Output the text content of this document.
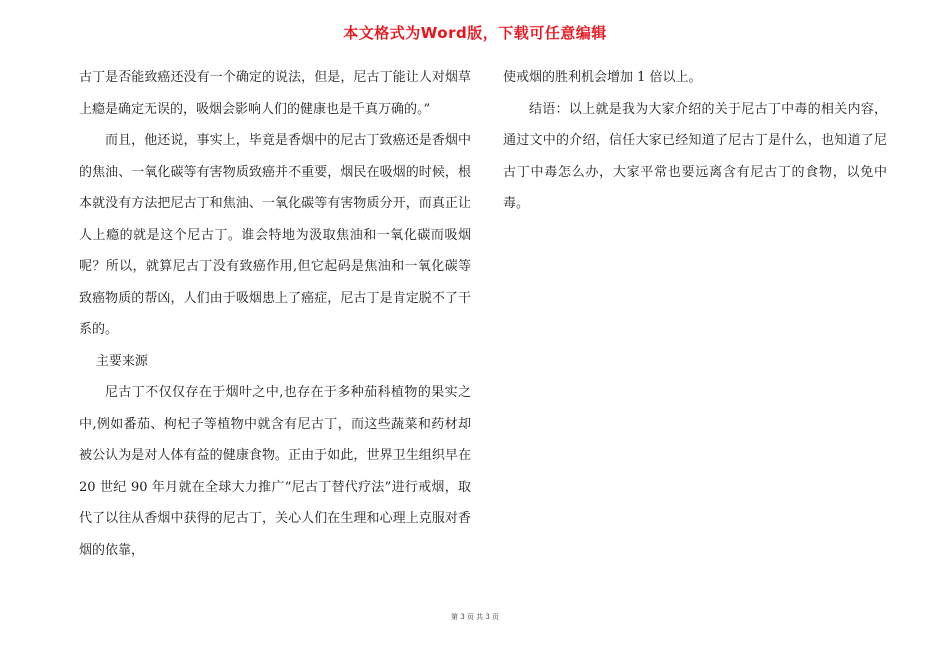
本文格式为Word版，下载可任意编辑

古丁是否能致癌还没有一个确定的说法，但是，尼古丁能让人对烟草上瘾是确定无误的，吸烟会影响人们的健康也是千真万确的。”

而且，他还说，事实上，毕竟是香烟中的尼古丁致癌还是香烟中的焦油、一氧化碳等有害物质致癌并不重要，烟民在吸烟的时候，根本就没有方法把尼古丁和焦油、一氧化碳等有害物质分开，而真正让人上瘾的就是这个尼古丁。谁会特地为汲取焦油和一氧化碳而吸烟呢？所以，就算尼古丁没有致癌作用,但它起码是焦油和一氧化碳等致癌物质的帮凶，人们由于吸烟患上了癌症，尼古丁是肯定脱不了干系的。

主要来源

尼古丁不仅仅存在于烟叶之中,也存在于多种茄科植物的果实之中,例如番茄、枸杞子等植物中就含有尼古丁，而这些蔬菜和药材却被公认为是对人体有益的健康食物。正由于如此，世界卫生组织早在 20 世纪 90 年月就在全球大力推广“尼古丁替代疗法”进行戒烟，取代了以往从香烟中获得的尼古丁，关心人们在生理和心理上克服对香烟的依靠，

使戒烟的胜利机会增加 1 倍以上。

结语：以上就是我为大家介绍的关于尼古丁中毒的相关内容，通过文中的介绍，信任大家已经知道了尼古丁是什么，也知道了尼古丁中毒怎么办，大家平常也要远离含有尼古丁的食物，以免中毒。

第 3 页 共 3 页
